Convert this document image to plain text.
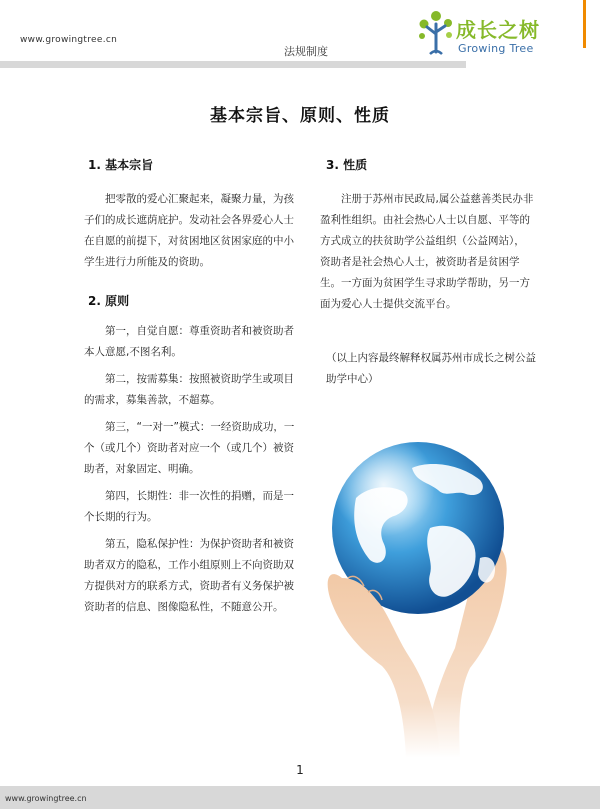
www.growingtree.cn
法规制度
成长之树
Growing Tree
基本宗旨、原则、性质
1. 基本宗旨

把零散的爱心汇聚起来，凝聚力量，为孩子们的成长遮荫庇护。发动社会各界爱心人士在自愿的前提下，对贫困地区贫困家庭的中小学生进行力所能及的资助。

2. 原则

第一，自觉自愿：尊重资助者和被资助者本人意愿,不图名利。

第二，按需募集：按照被资助学生或项目的需求，募集善款，不超募。

第三，“一对一”模式：一经资助成功，一个（或几个）资助者对应一个（或几个）被资助者，对象固定、明确。

第四，长期性：非一次性的捐赠，而是一个长期的行为。

第五，隐私保护性：为保护资助者和被资助者双方的隐私，工作小组原则上不向资助双方提供对方的联系方式，资助者有义务保护被资助者的信息、图像隐私性，不随意公开。

3. 性质

注册于苏州市民政局,属公益慈善类民办非盈利性组织。由社会热心人士以自愿、平等的方式成立的扶贫助学公益组织（公益网站），资助者是社会热心人士，被资助者是贫困学生。一方面为贫困学生寻求助学帮助，另一方面为爱心人士提供交流平台。

（以上内容最终解释权属苏州市成长之树公益助学中心）

1
www.growingtree.cn
